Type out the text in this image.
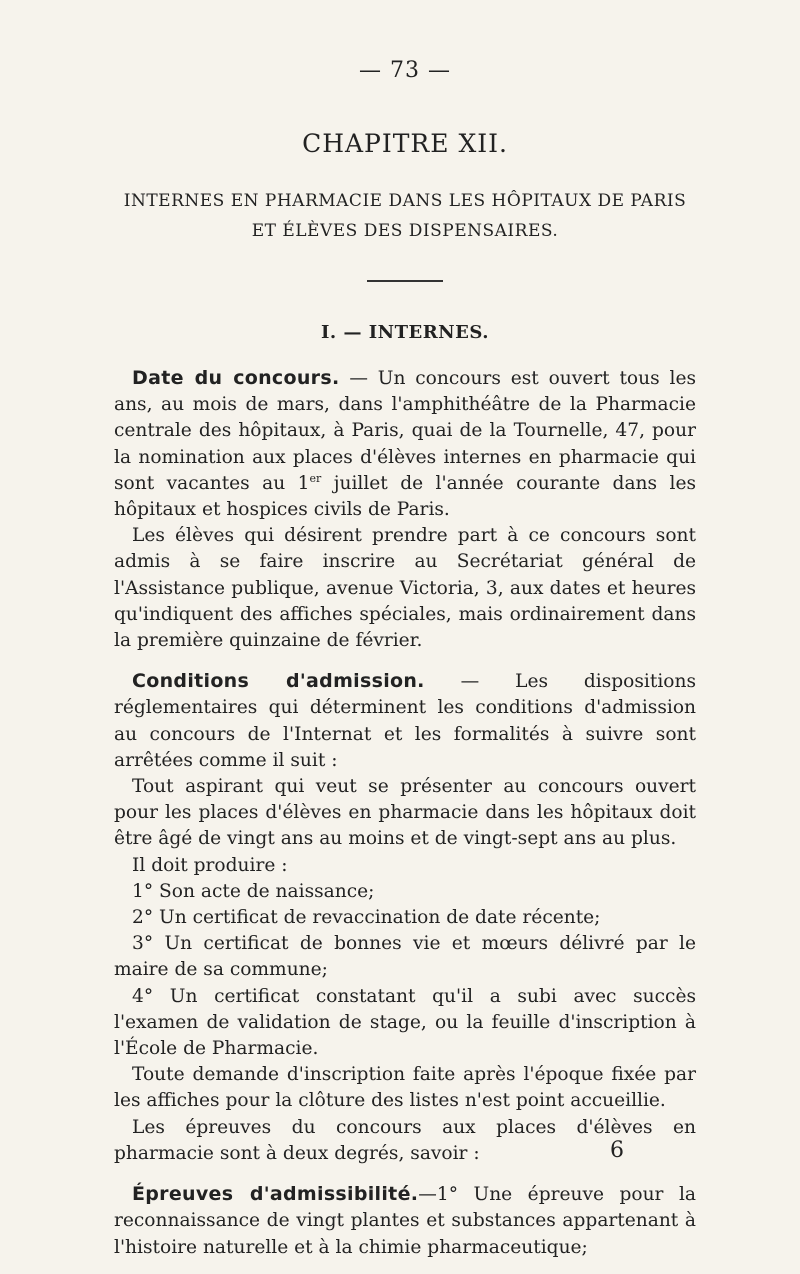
— 73 —
CHAPITRE XII.
INTERNES EN PHARMACIE DANS LES HÔPITAUX DE PARIS
ET ÉLÈVES DES DISPENSAIRES.
I. — INTERNES.

Date du concours. — Un concours est ouvert tous les ans, au mois de mars, dans l'amphithéâtre de la Pharmacie centrale des hôpitaux, à Paris, quai de la Tournelle, 47, pour la nomination aux places d'élèves internes en pharmacie qui sont vacantes au 1er juillet de l'année courante dans les hôpitaux et hospices civils de Paris.

Les élèves qui désirent prendre part à ce concours sont admis à se faire inscrire au Secrétariat général de l'Assistance publique, avenue Victoria, 3, aux dates et heures qu'indiquent des affiches spéciales, mais ordinairement dans la première quinzaine de février.

Conditions d'admission. — Les dispositions réglementaires qui déterminent les conditions d'admission au concours de l'Internat et les formalités à suivre sont arrêtées comme il suit :

Tout aspirant qui veut se présenter au concours ouvert pour les places d'élèves en pharmacie dans les hôpitaux doit être âgé de vingt ans au moins et de vingt-sept ans au plus.

Il doit produire :

1° Son acte de naissance;

2° Un certificat de revaccination de date récente;

3° Un certificat de bonnes vie et mœurs délivré par le maire de sa commune;

4° Un certificat constatant qu'il a subi avec succès l'examen de validation de stage, ou la feuille d'inscription à l'École de Pharmacie.

Toute demande d'inscription faite après l'époque fixée par les affiches pour la clôture des listes n'est point accueillie.

Les épreuves du concours aux places d'élèves en pharmacie sont à deux degrés, savoir :

Épreuves d'admissibilité.—1° Une épreuve pour la reconnaissance de vingt plantes et substances appartenant à l'histoire naturelle et à la chimie pharmaceutique;

6
